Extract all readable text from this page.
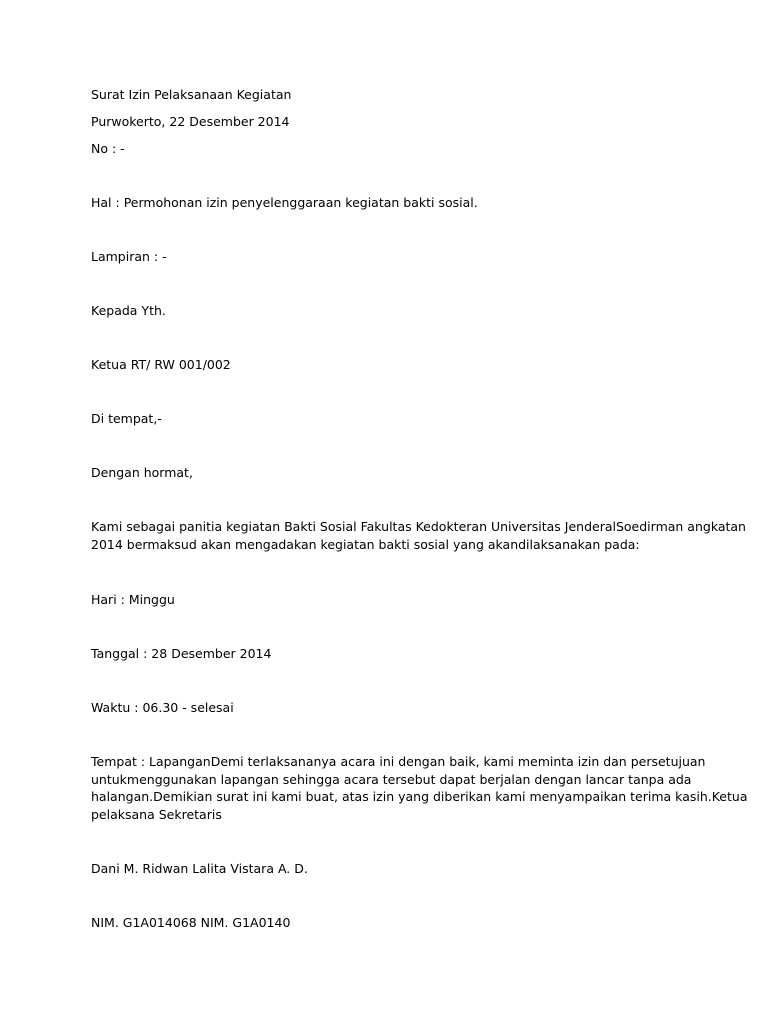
Surat Izin Pelaksanaan Kegiatan
Purwokerto, 22 Desember 2014
No : -
Hal : Permohonan izin penyelenggaraan kegiatan bakti sosial.
Lampiran : -
Kepada Yth.
Ketua RT/ RW 001/002
Di tempat,-
Dengan hormat,
Kami sebagai panitia kegiatan Bakti Sosial Fakultas Kedokteran Universitas JenderalSoedirman angkatan
2014 bermaksud akan mengadakan kegiatan bakti sosial yang akandilaksanakan pada:
Hari : Minggu
Tanggal : 28 Desember 2014
Waktu : 06.30 - selesai
Tempat : LapanganDemi terlaksananya acara ini dengan baik, kami meminta izin dan persetujuan
untukmenggunakan lapangan sehingga acara tersebut dapat berjalan dengan lancar tanpa ada
halangan.Demikian surat ini kami buat, atas izin yang diberikan kami menyampaikan terima kasih.Ketua
pelaksana Sekretaris
Dani M. Ridwan Lalita Vistara A. D.
NIM. G1A014068 NIM. G1A0140
